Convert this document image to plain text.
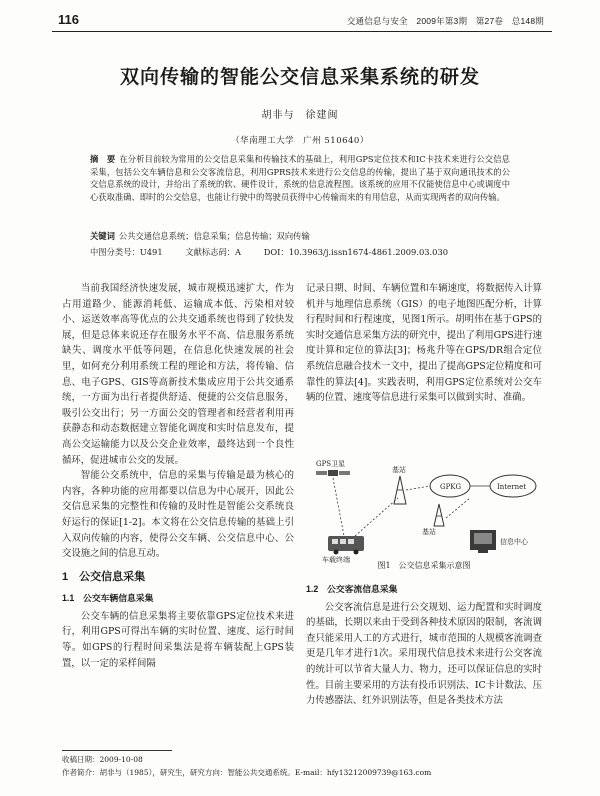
116	交通信息与安全　2009年第3期　第27卷　总148期
双向传输的智能公交信息采集系统的研发
胡非与　徐建闽
（华南理工大学　广州 510640）
摘　要 在分析目前较为常用的公交信息采集和传输技术的基础上，利用GPS定位技术和IC卡技术来进行公交信息采集，包括公交车辆信息和公交客流信息，利用GPRS技术来进行公交信息的传输，提出了基于双向通讯技术的公交信息系统的设计，并给出了系统的软、硬件设计，系统的信息流程图。该系统的应用不仅能使信息中心或调度中心获取准确、即时的公交信息，也能让行驶中的驾驶员获得中心传输而来的有用信息，从而实现两者的双向传输。
关键词 公共交通信息系统；信息采集；信息传输；双向传输
中图分类号：U491	文献标志码：A	DOI：10.3963/j.issn1674-4861.2009.03.030

当前我国经济快速发展，城市规模迅速扩大，作为占用道路少、能源消耗低、运输成本低、污染相对较小、运送效率高等优点的公共交通系统也得到了较快发展，但是总体来说还存在服务水平不高、信息服务系统缺失、调度水平低等问题，在信息化快速发展的社会里，如何充分利用系统工程的理论和方法，将传输、信息、电子GPS、GIS等高新技术集成应用于公共交通系统，一方面为出行者提供舒适、便捷的公交信息服务，吸引公交出行；另一方面公交的管理者和经营者利用再获静态和动态数据建立智能化调度和实时信息发布，提高公交运输能力以及公交企业效率，最终达到一个良性循环，促进城市公交的发展。

智能公交系统中，信息的采集与传输是最为核心的内容，各种功能的应用都要以信息为中心展开，因此公交信息采集的完整性和传输的及时性是智能公交系统良好运行的保证[1-2]。本文将在公交信息传输的基础上引入双向传输的内容，使得公交车辆、公交信息中心、公交设施之间的信息互动。

1　公交信息采集
1.1　公交车辆信息采集

公交车辆的信息采集将主要依靠GPS定位技术来进行，利用GPS可得出车辆的实时位置、速度、运行时间等。如GPS的行程时间采集法是将车辆装配上GPS装置，以一定的采样间隔

记录日期、时间、车辆位置和车辆速度，将数据传入计算机并与地理信息系统（GIS）的电子地图匹配分析，计算行程时间和行程速度，见图1所示。胡明伟在基于GPS的实时交通信息采集方法的研究中，提出了利用GPS进行速度计算和定位的算法[3]；杨兆升等在GPS/DR组合定位系统信息融合技术一文中，提出了提高GPS定位精度和可靠性的算法[4]。实践表明，利用GPS定位系统对公交车辆的位置、速度等信息进行采集可以做到实时、准确。

GPS卫星
基站
GPKG	Internet
基站
车载终端
信息中心
图1　公交信息采集示意图
1.2　公交客流信息采集

公交客流信息是进行公交规划、运力配置和实时调度的基础，长期以来由于受到各种技术原因的限制，客流调查只能采用人工的方式进行，城市范围的人规模客流调查更是几年才进行1次。采用现代信息技术来进行公交客流的统计可以节省大量人力、物力，还可以保证信息的实时性。目前主要采用的方法有投币识别法、IC卡计数法、压力传感器法、红外识别法等，但是各类技术方法

收稿日期：2009-10-08
作者简介：胡非与（1985），研究生，研究方向：智能公共交通系统。E-mail：hfy13212009739@163.com
